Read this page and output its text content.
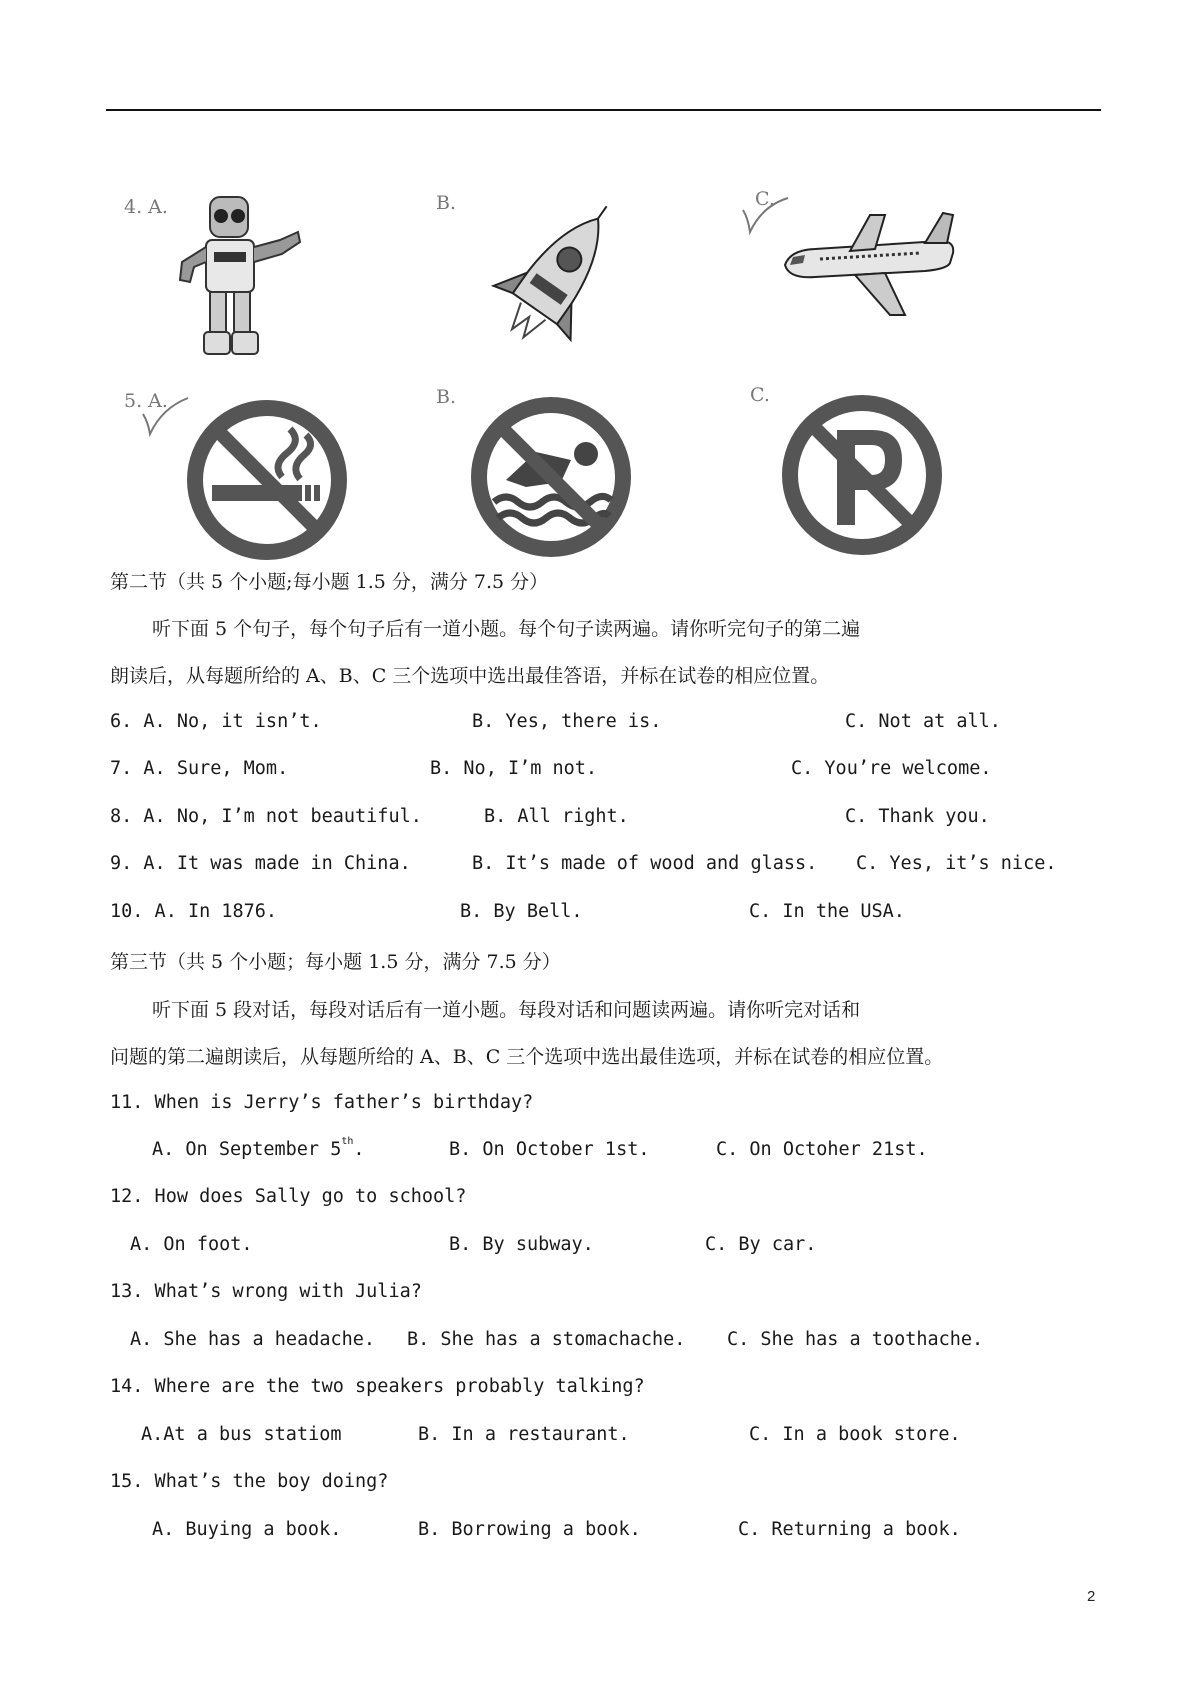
4. A.	B.	C.
5. A.	B.	C.
第二节（共 5 个小题;每小题 1.5 分，满分 7.5 分）
听下面 5 个句子，每个句子后有一道小题。每个句子读两遍。请你听完句子的第二遍
朗读后，从每题所给的 A、B、C 三个选项中选出最佳答语，并标在试卷的相应位置。
6. A. No, it isn’t.	B. Yes, there is.	C. Not at all.
7. A. Sure, Mom.	B. No, I’m not.	C. You’re welcome.
8. A. No, I’m not beautiful.	B. All right.	C. Thank you.
9. A. It was made in China.	B. It’s made of wood and glass. C. Yes, it’s nice.
10. A. In 1876.	B. By Bell.	C. In the USA.
第三节（共 5 个小题；每小题 1.5 分，满分 7.5 分）
听下面 5 段对话，每段对话后有一道小题。每段对话和问题读两遍。请你听完对话和
问题的第二遍朗读后，从每题所给的 A、B、C 三个选项中选出最佳选项，并标在试卷的相应位置。
11. When is Jerry’s father’s birthday?
A. On September 5th.	B. On October 1st.	C. On Octoher 21st.
12. How does Sally go to school?
A. On foot.	B. By subway.	C. By car.
13. What’s wrong with Julia?
A. She has a headache. B. She has a stomachache. C. She has a toothache.
14. Where are the two speakers probably talking?
A.At a bus statiom	B. In a restaurant.	C. In a book store.
15. What’s the boy doing?
A. Buying a book.	B. Borrowing a book.	C. Returning a book.
2
